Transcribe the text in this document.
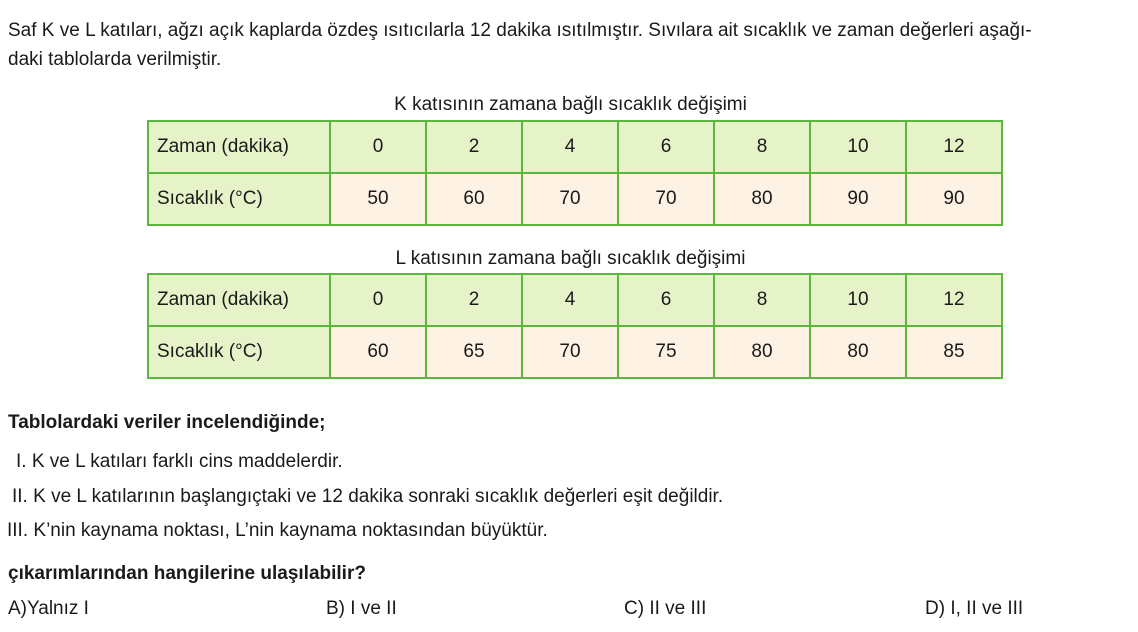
Saf K ve L katıları, ağzı açık kaplarda özdeş ısıtıcılarla 12 dakika ısıtılmıştır. Sıvılara ait sıcaklık ve zaman değerleri aşağı-
daki tablolarda verilmiştir.

K katısının zamana bağlı sıcaklık değişimi
Zaman (dakika)	0	2	4	6	8	10	12
Sıcaklık (°C)	50	60	70	70	80	90	90
L katısının zamana bağlı sıcaklık değişimi
Zaman (dakika)	0	2	4	6	8	10	12
Sıcaklık (°C)	60	65	70	75	80	80	85

Tablolardaki veriler incelendiğinde;

I. K ve L katıları farklı cins maddelerdir.

II. K ve L katılarının başlangıçtaki ve 12 dakika sonraki sıcaklık değerleri eşit değildir.

III. K’nin kaynama noktası, L’nin kaynama noktasından büyüktür.

çıkarımlarından hangilerine ulaşılabilir?

A)Yalnız I	B) I ve II	C) II ve III	D) I, II ve III
